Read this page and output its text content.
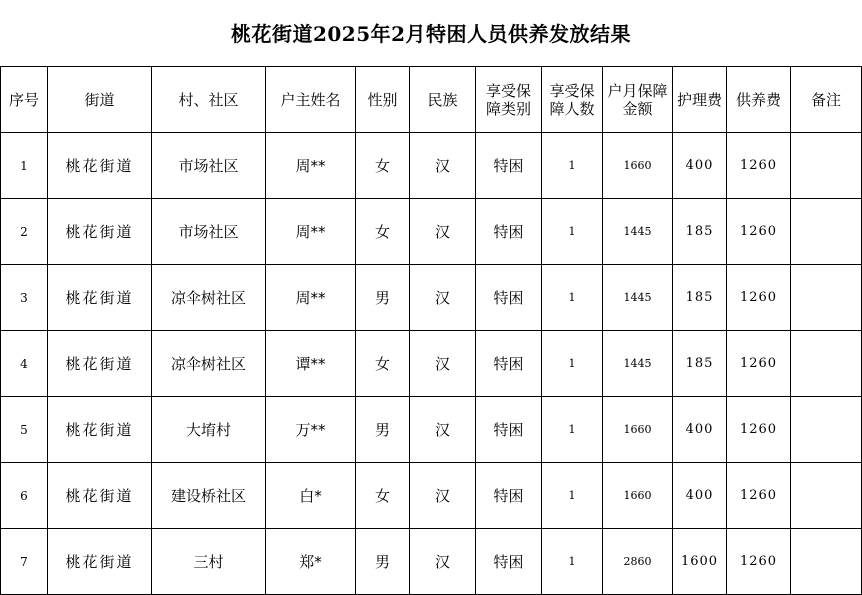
桃花街道2025年2月特困人员供养发放结果
序号	街道	村、社区	户主姓名	性别	民族	享受保障类别	享受保障人数	户月保障金额	护理费	供养费	备注
1	桃花街道	市场社区	周**	女	汉	特困	1	1660	400	1260	
2	桃花街道	市场社区	周**	女	汉	特困	1	1445	185	1260	
3	桃花街道	凉伞树社区	周**	男	汉	特困	1	1445	185	1260	
4	桃花街道	凉伞树社区	谭**	女	汉	特困	1	1445	185	1260	
5	桃花街道	大堉村	万**	男	汉	特困	1	1660	400	1260	
6	桃花街道	建设桥社区	白*	女	汉	特困	1	1660	400	1260	
7	桃花街道	三村	郑*	男	汉	特困	1	2860	1600	1260	
